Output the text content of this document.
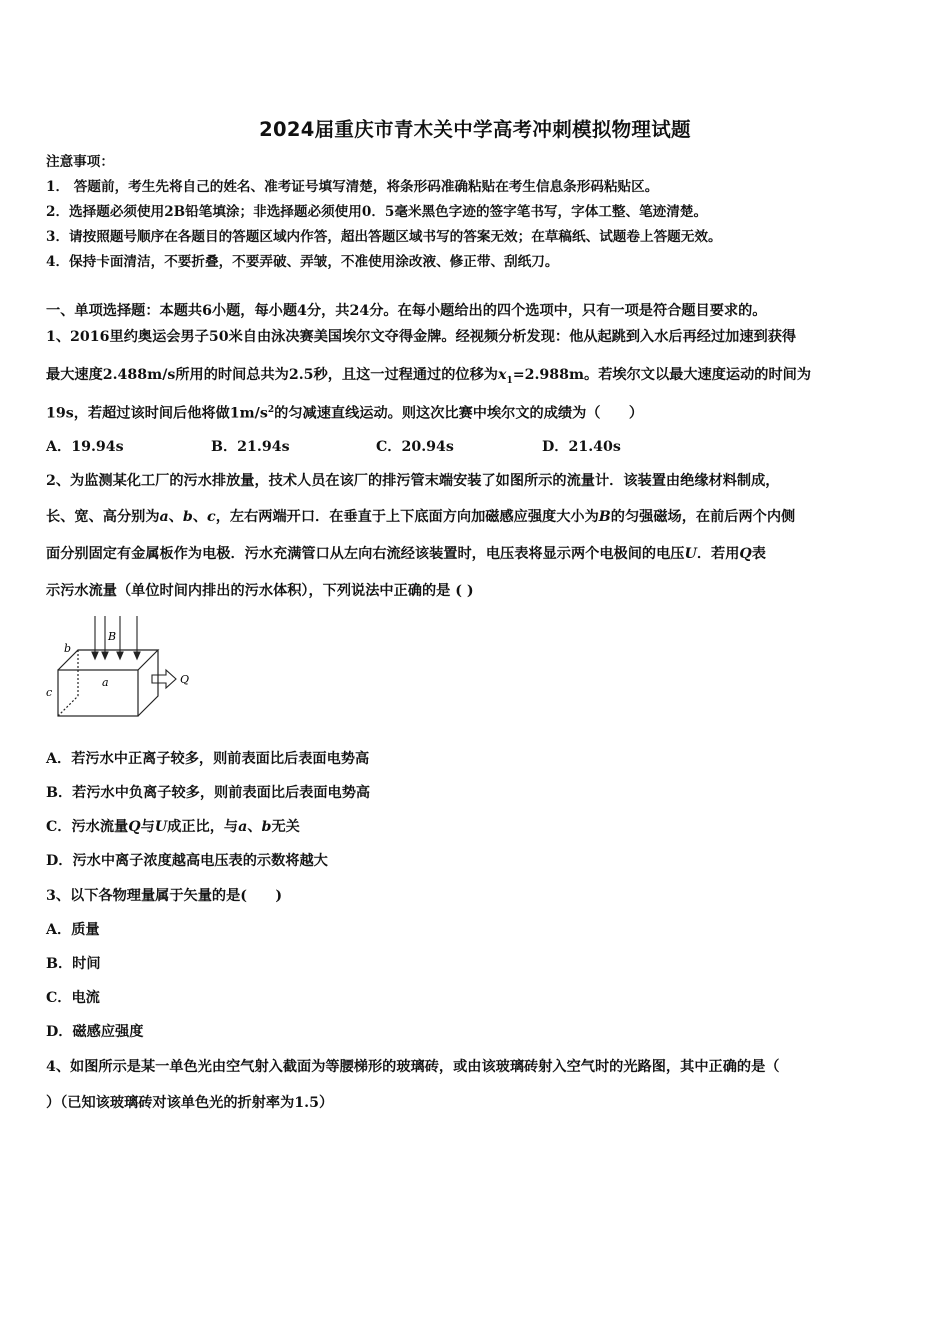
2024届重庆市青木关中学高考冲刺模拟物理试题
注意事项：
1． 答题前，考生先将自己的姓名、准考证号填写清楚，将条形码准确粘贴在考生信息条形码粘贴区。
2．选择题必须使用2B铅笔填涂；非选择题必须使用0．5毫米黑色字迹的签字笔书写，字体工整、笔迹清楚。
3．请按照题号顺序在各题目的答题区域内作答，超出答题区域书写的答案无效；在草稿纸、试题卷上答题无效。
4．保持卡面清洁，不要折叠，不要弄破、弄皱，不准使用涂改液、修正带、刮纸刀。
一、单项选择题：本题共6小题，每小题4分，共24分。在每小题给出的四个选项中，只有一项是符合题目要求的。
1、2016里约奥运会男子50米自由泳决赛美国埃尔文夺得金牌。经视频分析发现：他从起跳到入水后再经过加速到获得
最大速度2.488m/s所用的时间总共为2.5秒，且这一过程通过的位移为$x_1=2.988m$。若埃尔文以最大速度运动的时间为
19s，若超过该时间后他将做$1m/s^2$的匀减速直线运动。则这次比赛中埃尔文的成绩为（　　）
A．19.94s	B．21.94s	C．20.94s	D．21.40s
2、为监测某化工厂的污水排放量，技术人员在该厂的排污管末端安装了如图所示的流量计．该装置由绝缘材料制成，
长、宽、高分别为a、b、c，左右两端开口．在垂直于上下底面方向加磁感应强度大小为B的匀强磁场，在前后两个内侧
面分别固定有金属板作为电极．污水充满管口从左向右流经该装置时，电压表将显示两个电极间的电压U．若用Q表
示污水流量（单位时间内排出的污水体积），下列说法中正确的是 ( )
b
B
a
c
Q
A．若污水中正离子较多，则前表面比后表面电势高
B．若污水中负离子较多，则前表面比后表面电势高
C．污水流量Q与U成正比，与a、b无关
D．污水中离子浓度越高电压表的示数将越大
3、以下各物理量属于矢量的是(　　)
A．质量
B．时间
C．电流
D．磁感应强度
4、如图所示是某一单色光由空气射入截面为等腰梯形的玻璃砖，或由该玻璃砖射入空气时的光路图，其中正确的是（
）（已知该玻璃砖对该单色光的折射率为1.5）
